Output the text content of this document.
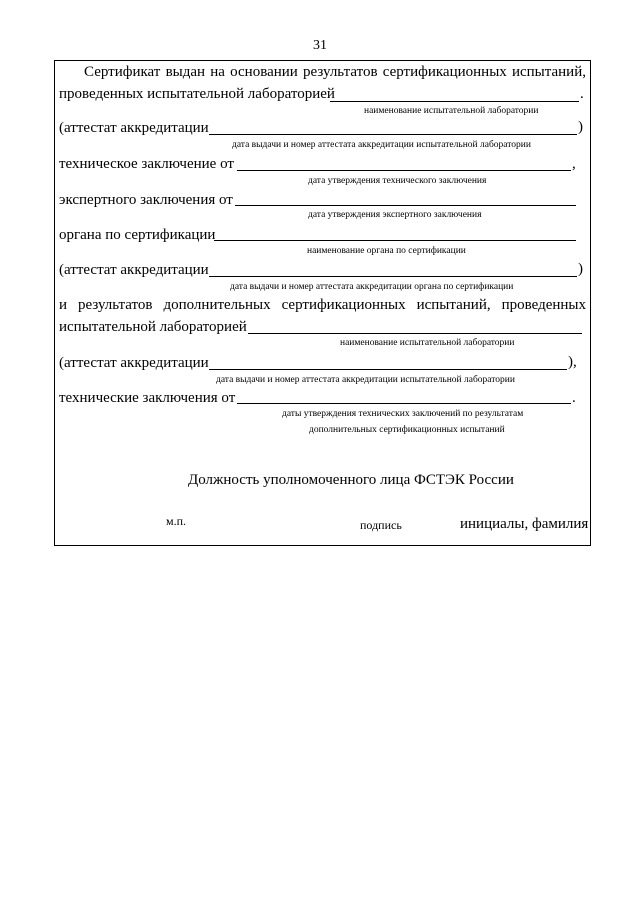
31
Сертификат выдан на основании результатов сертификационных испытаний,
проведенных испытательной лабораторией	.
наименование испытательной лаборатории
(аттестат аккредитации	)
дата выдачи и номер аттестата аккредитации испытательной лаборатории
техническое заключение от	,
дата утверждения технического заключения
экспертного заключения от
дата утверждения экспертного заключения
органа по сертификации
наименование органа по сертификации
(аттестат аккредитации	)
дата выдачи и номер аттестата аккредитации органа по сертификации
и результатов дополнительных сертификационных испытаний, проведенных
испытательной лабораторией
наименование испытательной лаборатории
(аттестат аккредитации	),
дата выдачи и номер аттестата аккредитации испытательной лаборатории
технические заключения от	.
даты утверждения технических заключений по результатам
дополнительных сертификационных испытаний
Должность уполномоченного лица ФСТЭК России
м.п.	подпись	инициалы, фамилия
